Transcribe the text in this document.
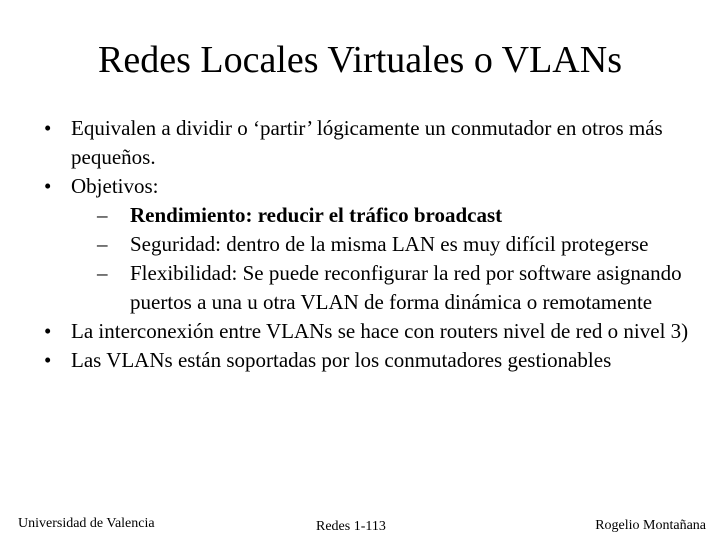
Redes Locales Virtuales o VLANs
• Equivalen a dividir o ‘partir’ lógicamente un conmutador en otros más pequeños.
• Objetivos:
– Rendimiento: reducir el tráfico broadcast
– Seguridad: dentro de la misma LAN es muy difícil protegerse
– Flexibilidad: Se puede reconfigurar la red por software asignando puertos a una u otra VLAN de forma dinámica o remotamente
• La interconexión entre VLANs se hace con routers nivel de red o nivel 3)
• Las VLANs están soportadas por los conmutadores gestionables
Universidad de Valencia	Redes 1-113	Rogelio Montañana
